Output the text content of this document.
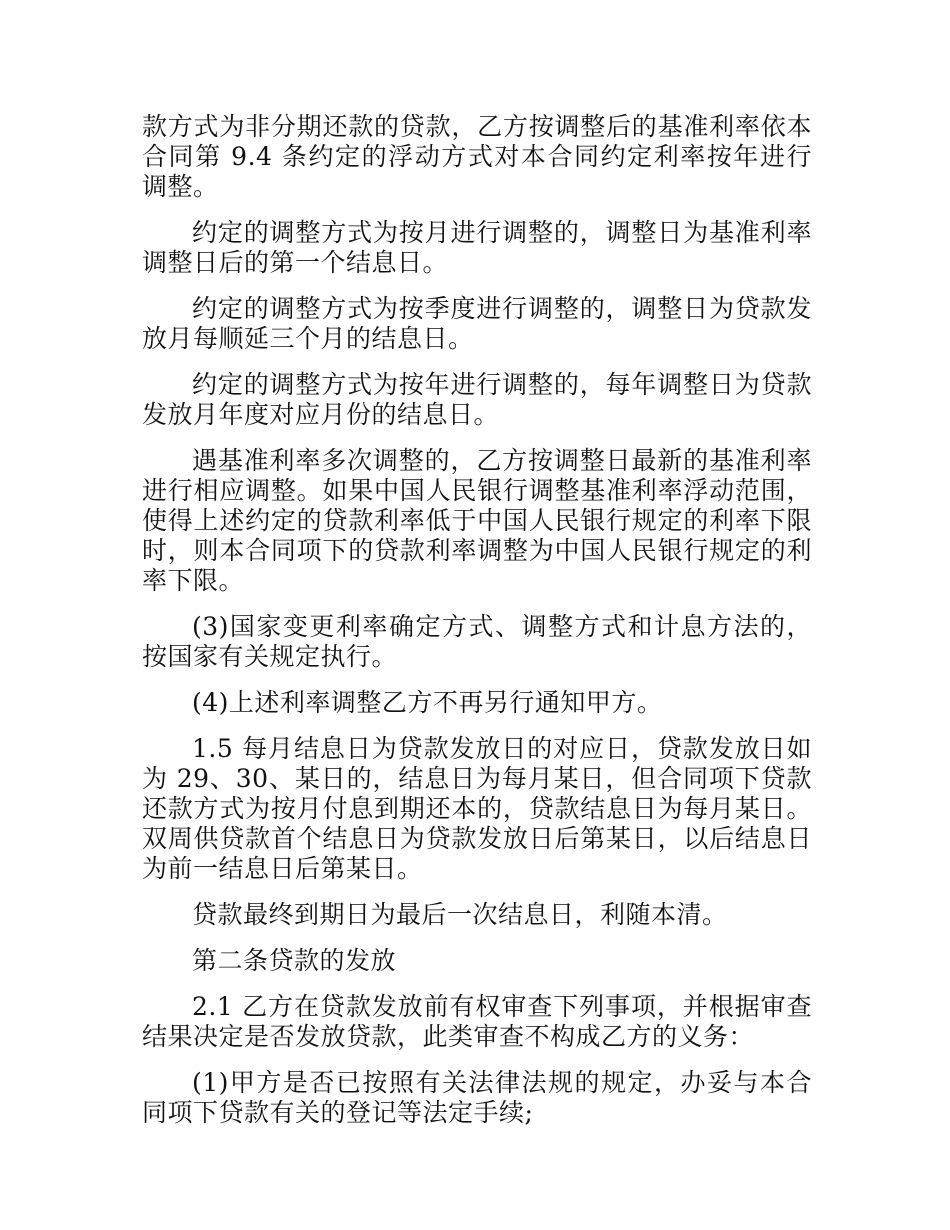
款方式为非分期还款的贷款，乙方按调整后的基准利率依本合同第 9.4 条约定的浮动方式对本合同约定利率按年进行调整。

约定的调整方式为按月进行调整的，调整日为基准利率调整日后的第一个结息日。

约定的调整方式为按季度进行调整的，调整日为贷款发放月每顺延三个月的结息日。

约定的调整方式为按年进行调整的，每年调整日为贷款发放月年度对应月份的结息日。

遇基准利率多次调整的，乙方按调整日最新的基准利率进行相应调整。如果中国人民银行调整基准利率浮动范围，使得上述约定的贷款利率低于中国人民银行规定的利率下限时，则本合同项下的贷款利率调整为中国人民银行规定的利率下限。

(3)国家变更利率确定方式、调整方式和计息方法的，按国家有关规定执行。

(4)上述利率调整乙方不再另行通知甲方。

1.5 每月结息日为贷款发放日的对应日，贷款发放日如为 29、30、某日的，结息日为每月某日，但合同项下贷款还款方式为按月付息到期还本的，贷款结息日为每月某日。双周供贷款首个结息日为贷款发放日后第某日，以后结息日为前一结息日后第某日。

贷款最终到期日为最后一次结息日，利随本清。

第二条贷款的发放

2.1 乙方在贷款发放前有权审查下列事项，并根据审查结果决定是否发放贷款，此类审查不构成乙方的义务：

(1)甲方是否已按照有关法律法规的规定，办妥与本合同项下贷款有关的登记等法定手续;
